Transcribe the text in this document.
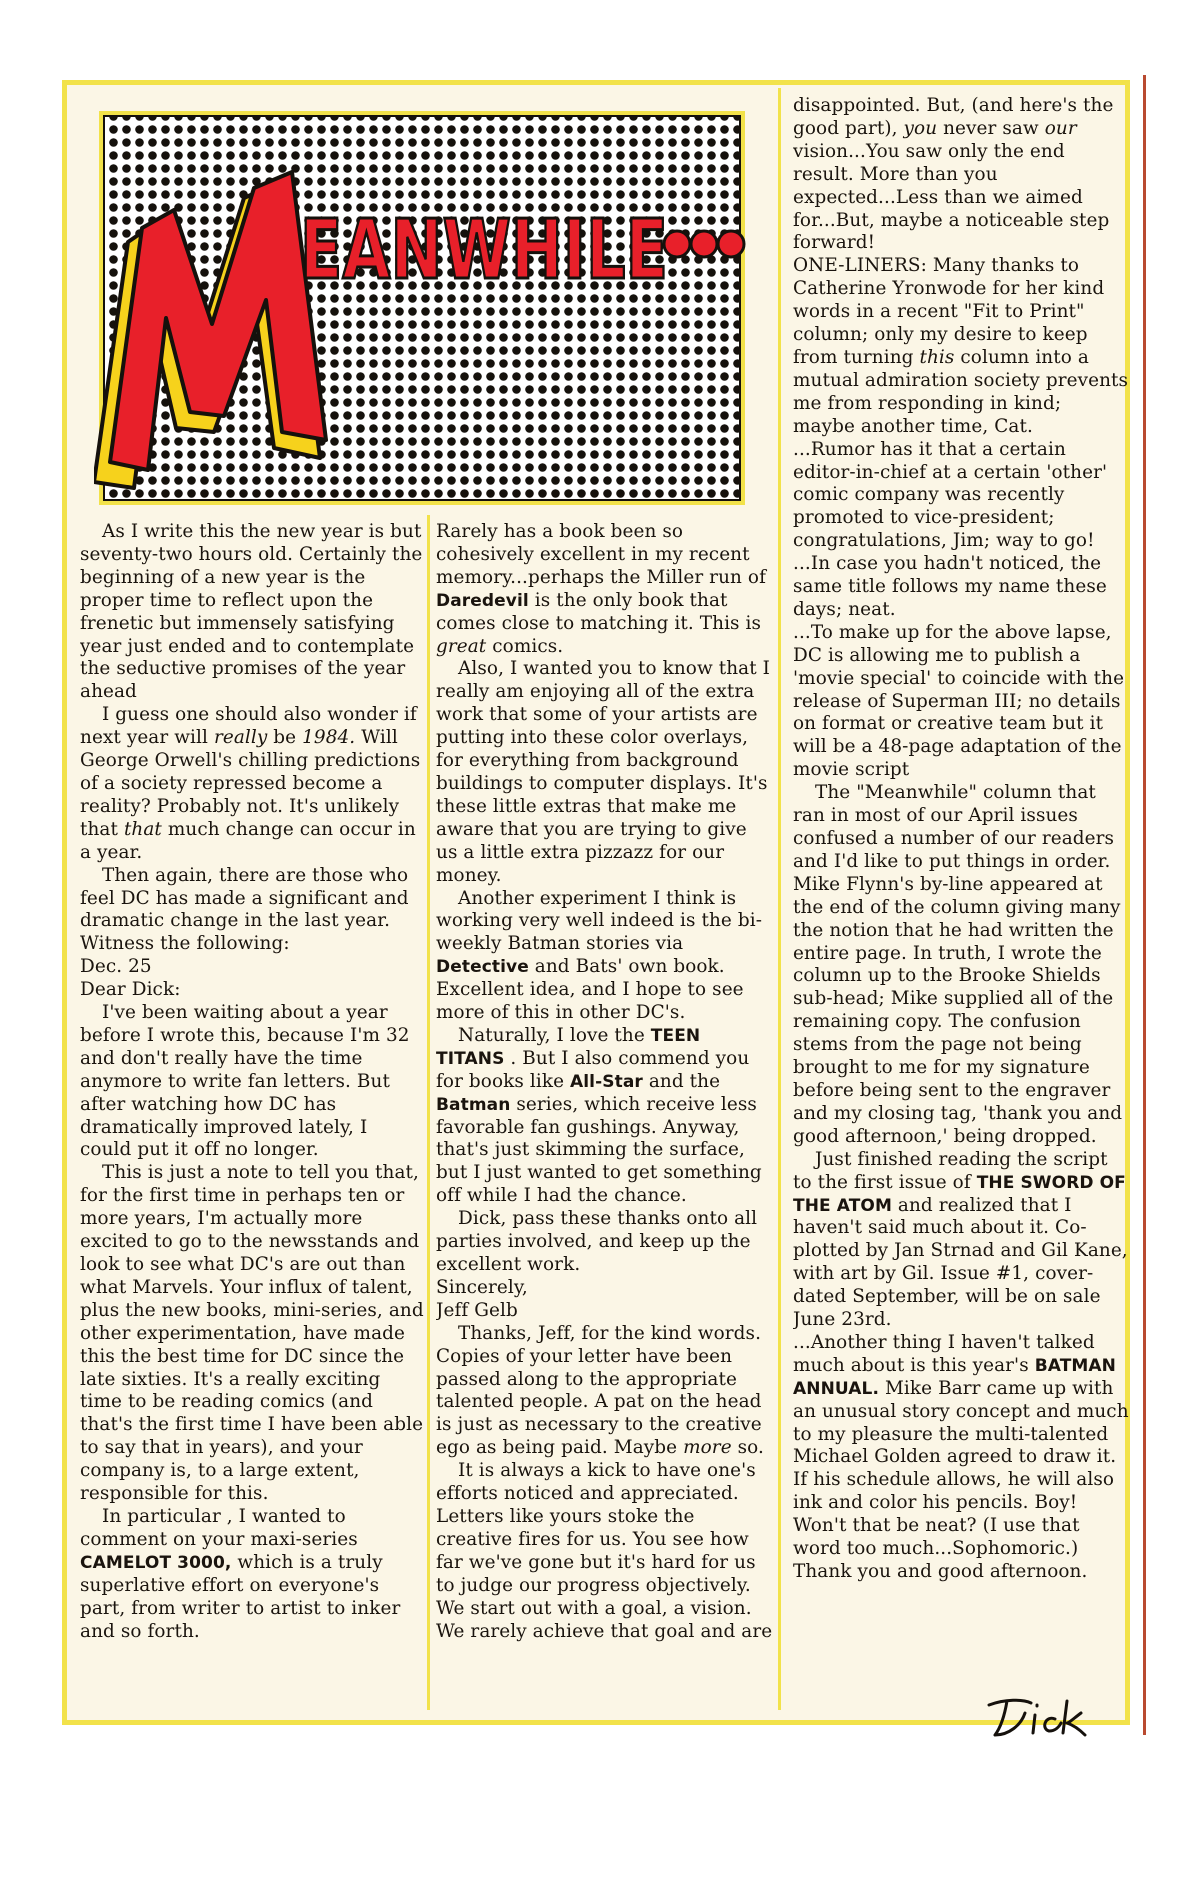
EANWHILE

As I write this the new year is but seventy-two hours old. Certainly the beginning of a new year is the proper time to reflect upon the frenetic but immensely satisfying year just ended and to contemplate the seductive promises of the year ahead

I guess one should also wonder if next year will really be 1984. Will George Orwell's chilling predictions of a society repressed become a reality? Probably not. It's unlikely that that much change can occur in a year.

Then again, there are those who feel DC has made a significant and dramatic change in the last year. Witness the following:

Dec. 25

Dear Dick:

I've been waiting about a year before I wrote this, because I'm 32 and don't really have the time anymore to write fan letters. But after watching how DC has dramatically improved lately, I could put it off no longer.

This is just a note to tell you that, for the first time in perhaps ten or more years, I'm actually more excited to go to the newsstands and look to see what DC's are out than what Marvels. Your influx of talent, plus the new books, mini-series, and other experimentation, have made this the best time for DC since the late sixties. It's a really exciting time to be reading comics (and that's the first time I have been able to say that in years), and your company is, to a large extent, responsible for this.

In particular , I wanted to comment on your maxi-series CAMELOT 3000, which is a truly superlative effort on everyone's part, from writer to artist to inker and so forth.

Rarely has a book been so cohesively excellent in my recent memory...perhaps the Miller run of Daredevil is the only book that comes close to matching it. This is great comics.

Also, I wanted you to know that I really am enjoying all of the extra work that some of your artists are putting into these color overlays, for everything from background buildings to computer displays. It's these little extras that make me aware that you are trying to give us a little extra pizzazz for our money.

Another experiment I think is working very well indeed is the bi-weekly Batman stories via Detective and Bats' own book. Excellent idea, and I hope to see more of this in other DC's.

Naturally, I love the TEEN TITANS . But I also commend you for books like All-Star and the Batman series, which receive less favorable fan gushings. Anyway, that's just skimming the surface, but I just wanted to get something off while I had the chance.

Dick, pass these thanks onto all parties involved, and keep up the excellent work.

Sincerely,

Jeff Gelb

Thanks, Jeff, for the kind words. Copies of your letter have been passed along to the appropriate talented people. A pat on the head is just as necessary to the creative ego as being paid. Maybe more so.

It is always a kick to have one's efforts noticed and appreciated. Letters like yours stoke the creative fires for us. You see how far we've gone but it's hard for us to judge our progress objectively. We start out with a goal, a vision. We rarely achieve that goal and are

disappointed. But, (and here's the good part), you never saw our vision...You saw only the end result. More than you expected...Less than we aimed for...But, maybe a noticeable step forward!

ONE-LINERS: Many thanks to Catherine Yronwode for her kind words in a recent "Fit to Print" column; only my desire to keep from turning this column into a mutual admiration society prevents me from responding in kind; maybe another time, Cat.

...Rumor has it that a certain editor-in-chief at a certain 'other' comic company was recently promoted to vice-president; congratulations, Jim; way to go!

...In case you hadn't noticed, the same title follows my name these days; neat.

...To make up for the above lapse, DC is allowing me to publish a 'movie special' to coincide with the release of Superman III; no details on format or creative team but it will be a 48-page adaptation of the movie script

The "Meanwhile" column that ran in most of our April issues confused a number of our readers and I'd like to put things in order. Mike Flynn's by-line appeared at the end of the column giving many the notion that he had written the entire page. In truth, I wrote the column up to the Brooke Shields sub-head; Mike supplied all of the remaining copy. The confusion stems from the page not being brought to me for my signature before being sent to the engraver and my closing tag, 'thank you and good afternoon,' being dropped.

Just finished reading the script to the first issue of THE SWORD OF THE ATOM and realized that I haven't said much about it. Co-plotted by Jan Strnad and Gil Kane, with art by Gil. Issue #1, cover-dated September, will be on sale June 23rd.

...Another thing I haven't talked much about is this year's BATMAN ANNUAL. Mike Barr came up with an unusual story concept and much to my pleasure the multi-talented Michael Golden agreed to draw it. If his schedule allows, he will also ink and color his pencils. Boy! Won't that be neat? (I use that word too much...Sophomoric.)

Thank you and good afternoon.
